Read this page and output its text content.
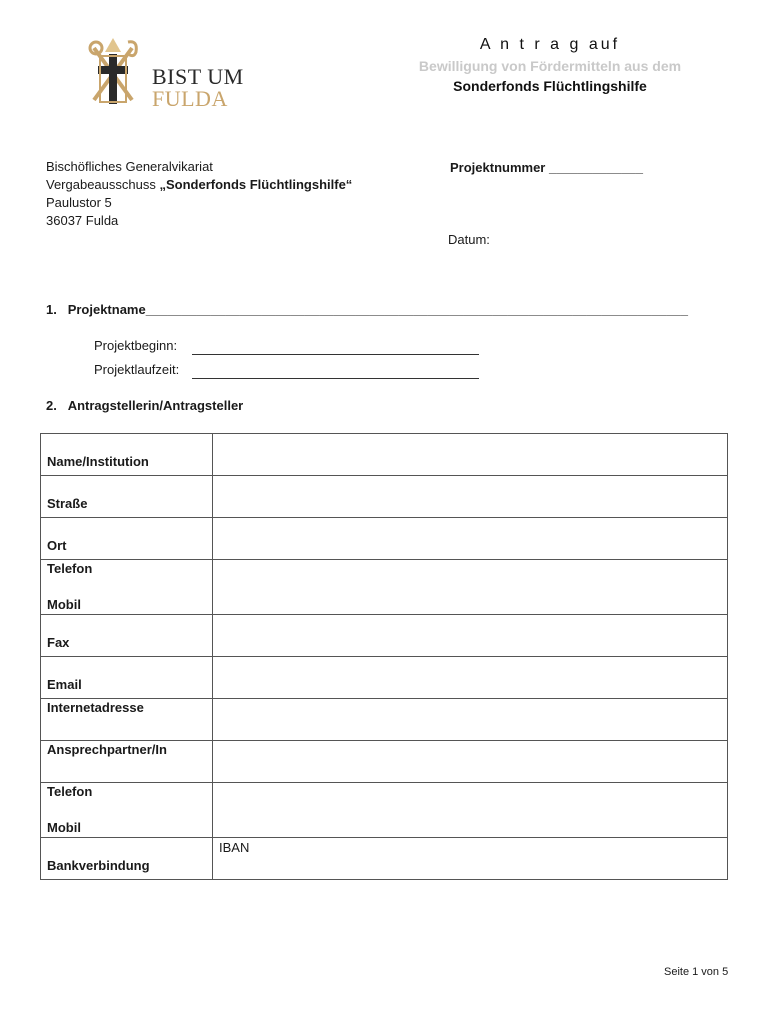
BIST UM
FULDA
A n t r a g auf
Bewilligung von Fördermitteln aus dem
Sonderfonds Flüchtlingshilfe
Bischöfliches Generalvikariat
Vergabeausschuss „Sonderfonds Flüchtlingshilfe“
Paulustor 5
36037 Fulda
Projektnummer _____________
Datum:
1. Projektname___________________________________________________________________________
Projektbeginn:
Projektlaufzeit:
2. Antragstellerin/Antragsteller
Name/Institution	
Straße	
Ort	

Telefon
Mobil	

Fax	
Email	
Internetadresse	
Ansprechpartner/In	

Telefon
Mobil	

Bankverbindung	IBAN
Seite 1 von 5
